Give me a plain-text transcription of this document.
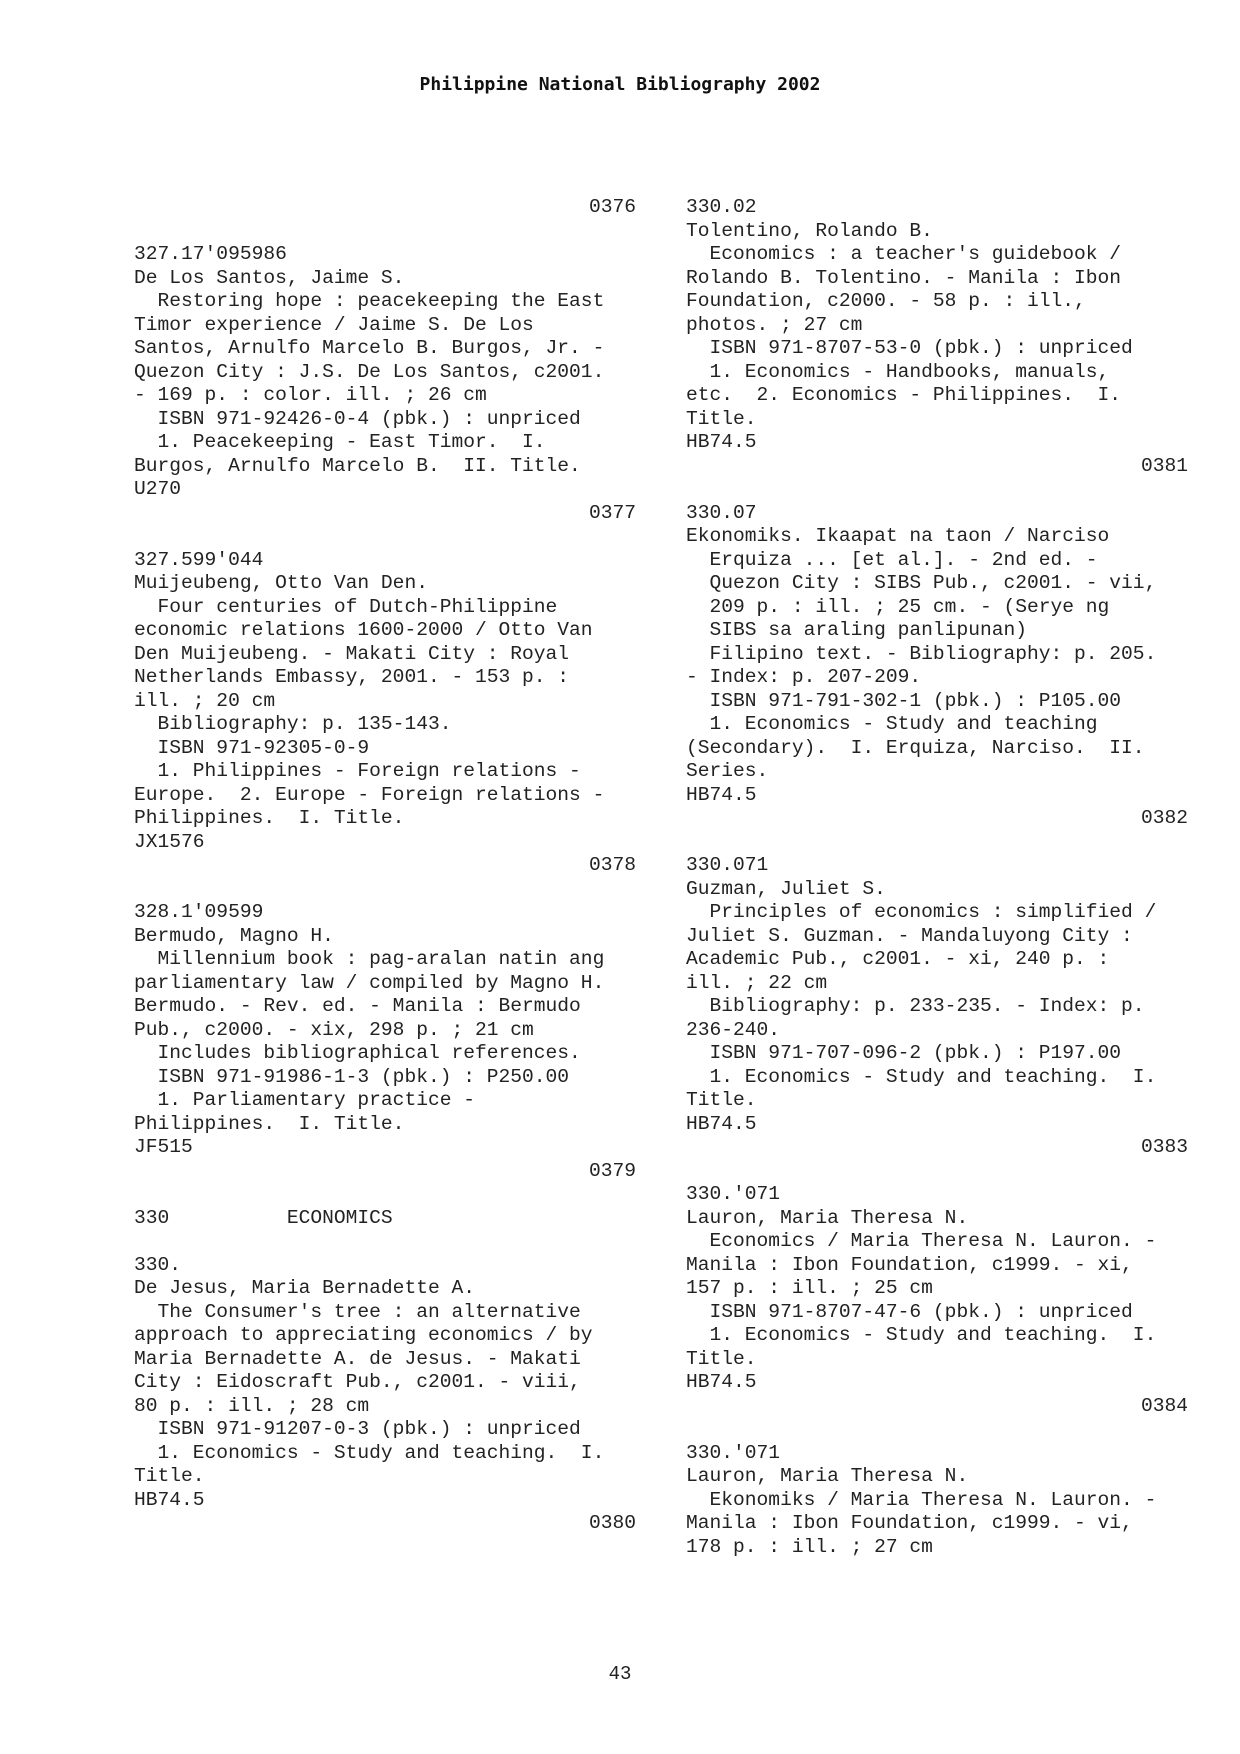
Philippine National Bibliography 2002
0376
327.17'095986
De Los Santos, Jaime S.
Restoring hope : peacekeeping the East
Timor experience / Jaime S. De Los
Santos, Arnulfo Marcelo B. Burgos, Jr. -
Quezon City : J.S. De Los Santos, c2001.
- 169 p. : color. ill. ; 26 cm
ISBN 971-92426-0-4 (pbk.) : unpriced
1. Peacekeeping - East Timor.  I.
Burgos, Arnulfo Marcelo B.  II. Title.
U270
0377
327.599'044
Muijeubeng, Otto Van Den.
Four centuries of Dutch-Philippine
economic relations 1600-2000 / Otto Van
Den Muijeubeng. - Makati City : Royal
Netherlands Embassy, 2001. - 153 p. :
ill. ; 20 cm
Bibliography: p. 135-143.
ISBN 971-92305-0-9
1. Philippines - Foreign relations -
Europe.  2. Europe - Foreign relations -
Philippines.  I. Title.
JX1576
0378
328.1'09599
Bermudo, Magno H.
Millennium book : pag-aralan natin ang
parliamentary law / compiled by Magno H.
Bermudo. - Rev. ed. - Manila : Bermudo
Pub., c2000. - xix, 298 p. ; 21 cm
Includes bibliographical references.
ISBN 971-91986-1-3 (pbk.) : P250.00
1. Parliamentary practice -
Philippines.  I. Title.
JF515
0379
330          ECONOMICS
330.
De Jesus, Maria Bernadette A.
The Consumer's tree : an alternative
approach to appreciating economics / by
Maria Bernadette A. de Jesus. - Makati
City : Eidoscraft Pub., c2001. - viii,
80 p. : ill. ; 28 cm
ISBN 971-91207-0-3 (pbk.) : unpriced
1. Economics - Study and teaching.  I.
Title.
HB74.5
0380
330.02
Tolentino, Rolando B.
Economics : a teacher's guidebook /
Rolando B. Tolentino. - Manila : Ibon
Foundation, c2000. - 58 p. : ill.,
photos. ; 27 cm
ISBN 971-8707-53-0 (pbk.) : unpriced
1. Economics - Handbooks, manuals,
etc.  2. Economics - Philippines.  I.
Title.
HB74.5
0381
330.07
Ekonomiks. Ikaapat na taon / Narciso
Erquiza ... [et al.]. - 2nd ed. -
Quezon City : SIBS Pub., c2001. - vii,
209 p. : ill. ; 25 cm. - (Serye ng
SIBS sa araling panlipunan)
Filipino text. - Bibliography: p. 205.
- Index: p. 207-209.
ISBN 971-791-302-1 (pbk.) : P105.00
1. Economics - Study and teaching
(Secondary).  I. Erquiza, Narciso.  II.
Series.
HB74.5
0382
330.071
Guzman, Juliet S.
Principles of economics : simplified /
Juliet S. Guzman. - Mandaluyong City :
Academic Pub., c2001. - xi, 240 p. :
ill. ; 22 cm
Bibliography: p. 233-235. - Index: p.
236-240.
ISBN 971-707-096-2 (pbk.) : P197.00
1. Economics - Study and teaching.  I.
Title.
HB74.5
0383
330.'071
Lauron, Maria Theresa N.
Economics / Maria Theresa N. Lauron. -
Manila : Ibon Foundation, c1999. - xi,
157 p. : ill. ; 25 cm
ISBN 971-8707-47-6 (pbk.) : unpriced
1. Economics - Study and teaching.  I.
Title.
HB74.5
0384
330.'071
Lauron, Maria Theresa N.
Ekonomiks / Maria Theresa N. Lauron. -
Manila : Ibon Foundation, c1999. - vi,
178 p. : ill. ; 27 cm
43
